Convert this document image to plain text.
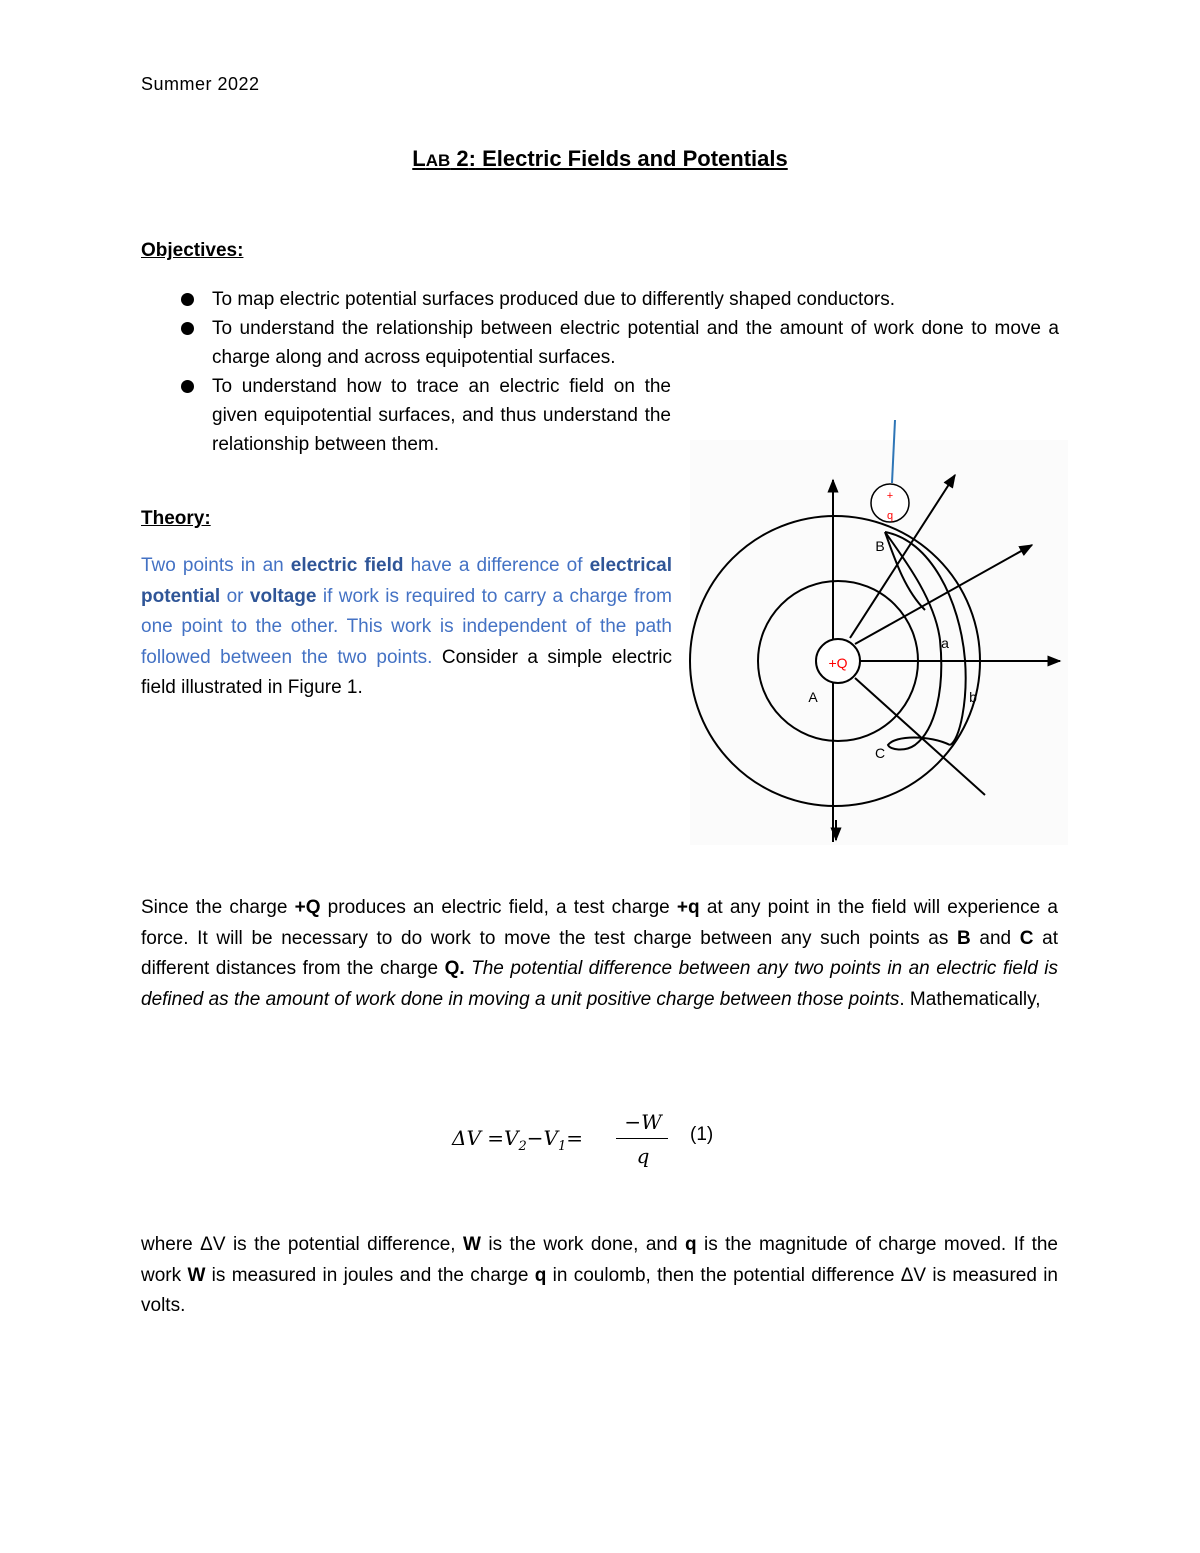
Summer 2022
LAB 2: Electric Fields and Potentials
Objectives:
To map electric potential surfaces produced due to differently shaped conductors.
To understand the relationship between electric potential and the amount of work done to move a charge along and across equipotential surfaces.
To understand how to trace an electric field on the given equipotential surfaces, and thus understand the relationship between them.
Theory:
Two points in an electric field have a difference of electrical potential or voltage if work is required to carry a charge from one point to the other. This work is independent of the path followed between the two points. Consider a simple electric field illustrated in Figure 1.
+Q
+
q
A
B
C
a
b
Since the charge +Q produces an electric field, a test charge +q at any point in the field will experience a force. It will be necessary to do work to move the test charge between any such points as B and C at different distances from the charge Q. The potential difference between any two points in an electric field is defined as the amount of work done in moving a unit positive charge between those points. Mathematically,
$\Delta V =V_2-V_1=$
−W
q
(1)
where ΔV is the potential difference, W is the work done, and q is the magnitude of charge moved. If the work W is measured in joules and the charge q in coulomb, then the potential difference ΔV is measured in volts.
